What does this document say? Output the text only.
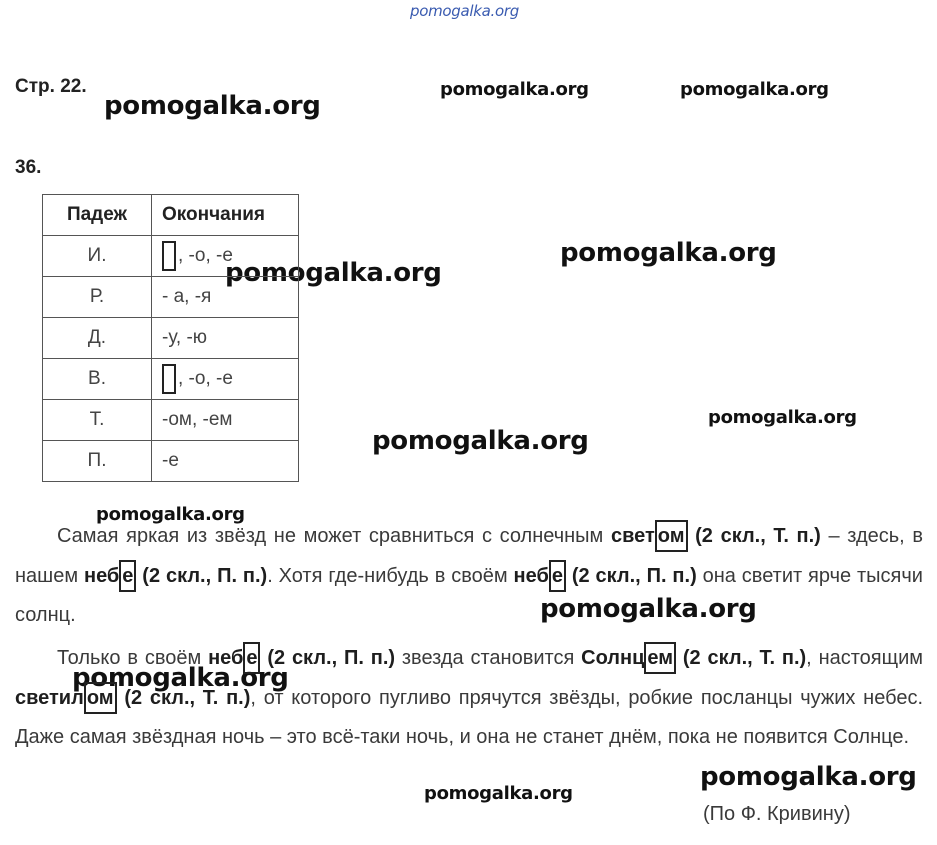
pomogalka.org
pomogalka.org	pomogalka.org
pomogalka.org
pomogalka.org
pomogalka.org
pomogalka.org
pomogalka.org
pomogalka.org
pomogalka.org
pomogalka.org
pomogalka.org
pomogalka.org
Стр. 22.
36.
Падеж	Окончания
И.	, -о, -е
Р.	- а, -я
Д.	-у, -ю
В.	, -о, -е
Т.	-ом, -ем
П.	-е
Самая яркая из звёзд не может сравниться с солнечным свет ом (2 скл., Т. п.) – здесь, в нашем неб е (2 скл., П. п.). Хотя где-нибудь в своём неб е (2 скл., П. п.) она светит ярче тысячи солнц.
Только в своём неб е (2 скл., П. п.) звезда становится Солнц ем (2 скл., Т. п.), настоящим светил ом (2 скл., Т. п.), от которого пугливо прячутся звёзды, робкие посланцы чужих небес. Даже самая звёздная ночь – это всё-таки ночь, и она не станет днём, пока не появится Солнце.
(По Ф. Кривину)
